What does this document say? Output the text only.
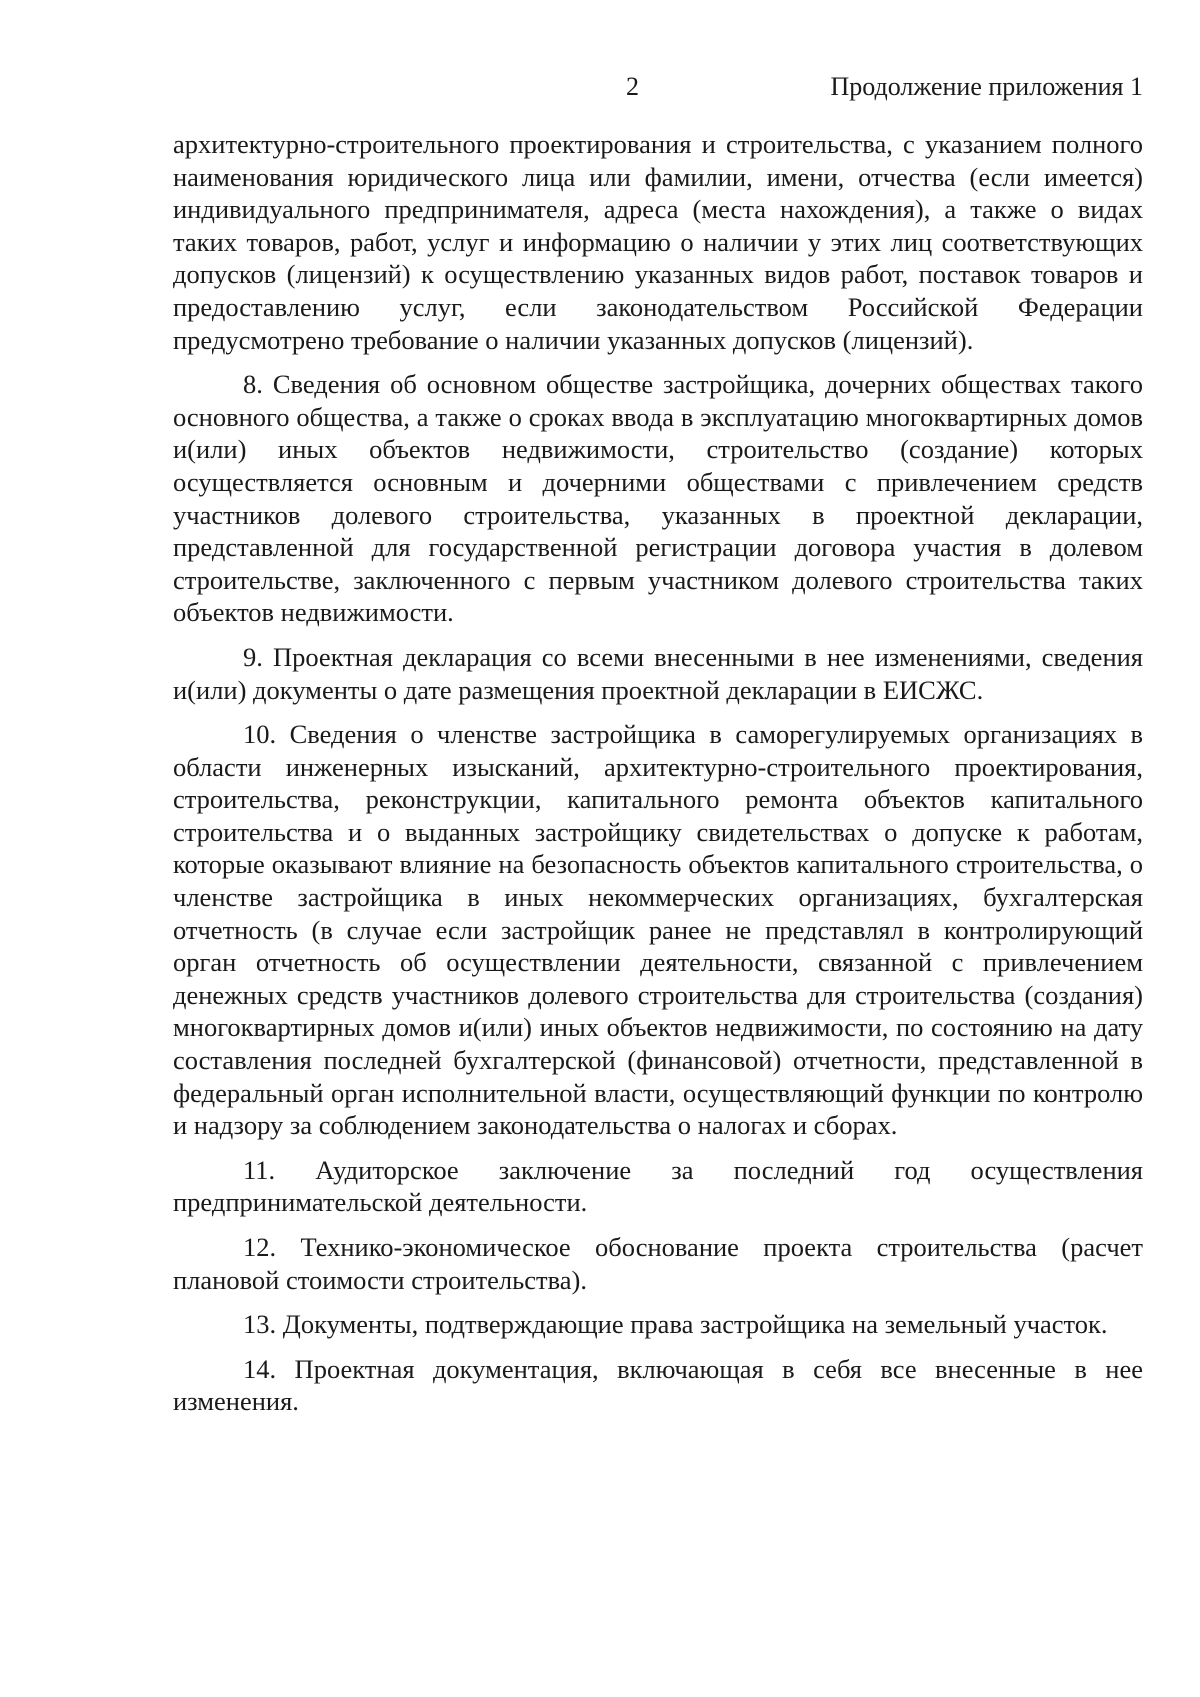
2	Продолжение приложения 1

архитектурно-строительного проектирования и строительства, с указанием полного наименования юридического лица или фамилии, имени, отчества (если имеется) индивидуального предпринимателя, адреса (места нахождения), а также о видах таких товаров, работ, услуг и информацию о наличии у этих лиц соответствующих допусков (лицензий) к осуществлению указанных видов работ, поставок товаров и предоставлению услуг, если законодательством Российской Федерации предусмотрено требование о наличии указанных допусков (лицензий).

8. Сведения об основном обществе застройщика, дочерних обществах такого основного общества, а также о сроках ввода в эксплуатацию многоквартирных домов и(или) иных объектов недвижимости, строительство (создание) которых осуществляется основным и дочерними обществами с привлечением средств участников долевого строительства, указанных в проектной декларации, представленной для государственной регистрации договора участия в долевом строительстве, заключенного с первым участником долевого строительства таких объектов недвижимости.

9. Проектная декларация со всеми внесенными в нее изменениями, сведения и(или) документы о дате размещения проектной декларации в ЕИСЖС.

10. Сведения о членстве застройщика в саморегулируемых организациях в области инженерных изысканий, архитектурно-строительного проектирования, строительства, реконструкции, капитального ремонта объектов капитального строительства и о выданных застройщику свидетельствах о допуске к работам, которые оказывают влияние на безопасность объектов капитального строительства, о членстве застройщика в иных некоммерческих организациях, бухгалтерская отчетность (в случае если застройщик ранее не представлял в контролирующий орган отчетность об осуществлении деятельности, связанной с привлечением денежных средств участников долевого строительства для строительства (создания) многоквартирных домов и(или) иных объектов недвижимости, по состоянию на дату составления последней бухгалтерской (финансовой) отчетности, представленной в федеральный орган исполнительной власти, осуществляющий функции по контролю и надзору за соблюдением законодательства о налогах и сборах.

11. Аудиторское заключение за последний год осуществления предпринимательской деятельности.

12. Технико-экономическое обоснование проекта строительства (расчет плановой стоимости строительства).

13. Документы, подтверждающие права застройщика на земельный участок.

14. Проектная документация, включающая в себя все внесенные в нее изменения.
